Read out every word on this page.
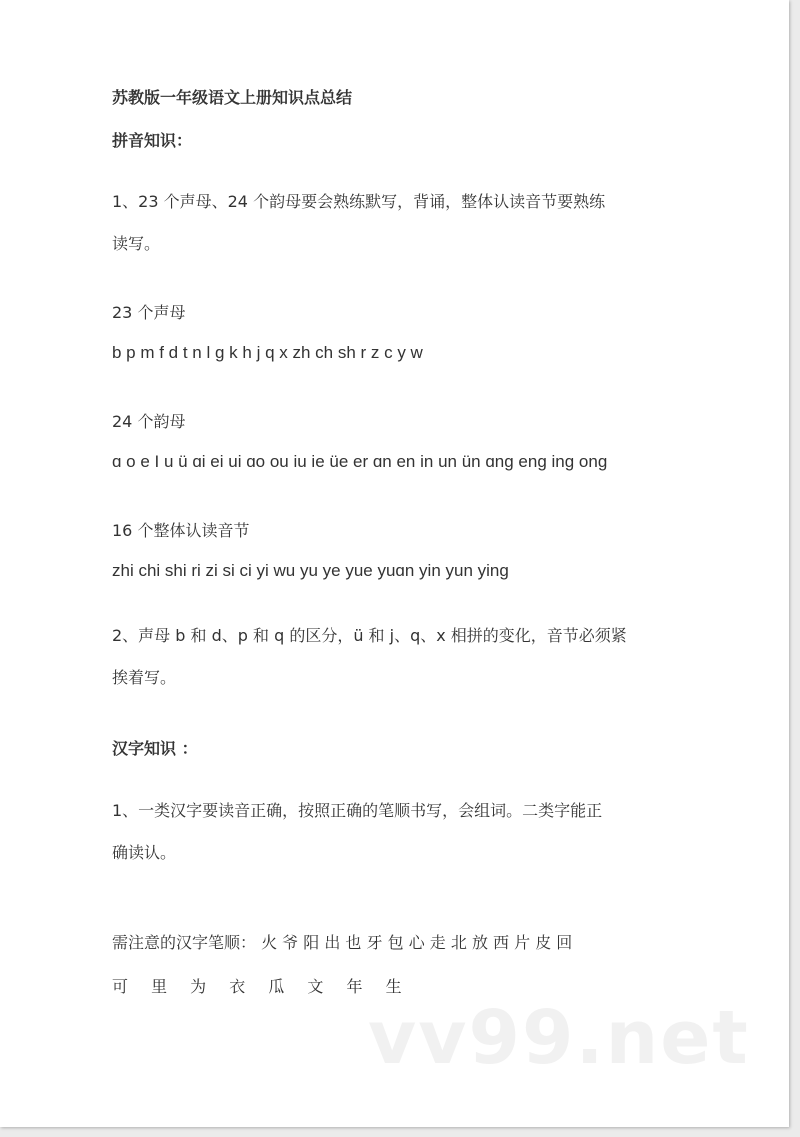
苏教版一年级语文上册知识点总结
拼音知识：
1、23 个声母、24 个韵母要会熟练默写，背诵，整体认读音节要熟练
读写。
23 个声母
b p m f d t n l ɡ k h j q x zh ch sh r z c y w
24 个韵母
ɑ o e I u ü ɑi ei ui ɑo ou iu ie üe er ɑn en in un ün ɑnɡ enɡ inɡ onɡ
16 个整体认读音节
zhi chi shi ri zi si ci yi wu yu ye yue yuɑn yin yun yinɡ
2、声母 b 和 d、p 和 q 的区分，ü 和 j、q、x 相拼的变化，音节必须紧
挨着写。
汉字知识 ：
1、一类汉字要读音正确，按照正确的笔顺书写，会组词。二类字能正
确读认。
需注意的汉字笔顺： 火 爷 阳 出 也 牙 包 心 走 北 放 西 片 皮 回
可 里 为 衣 瓜 文 年 生
vv99.net
